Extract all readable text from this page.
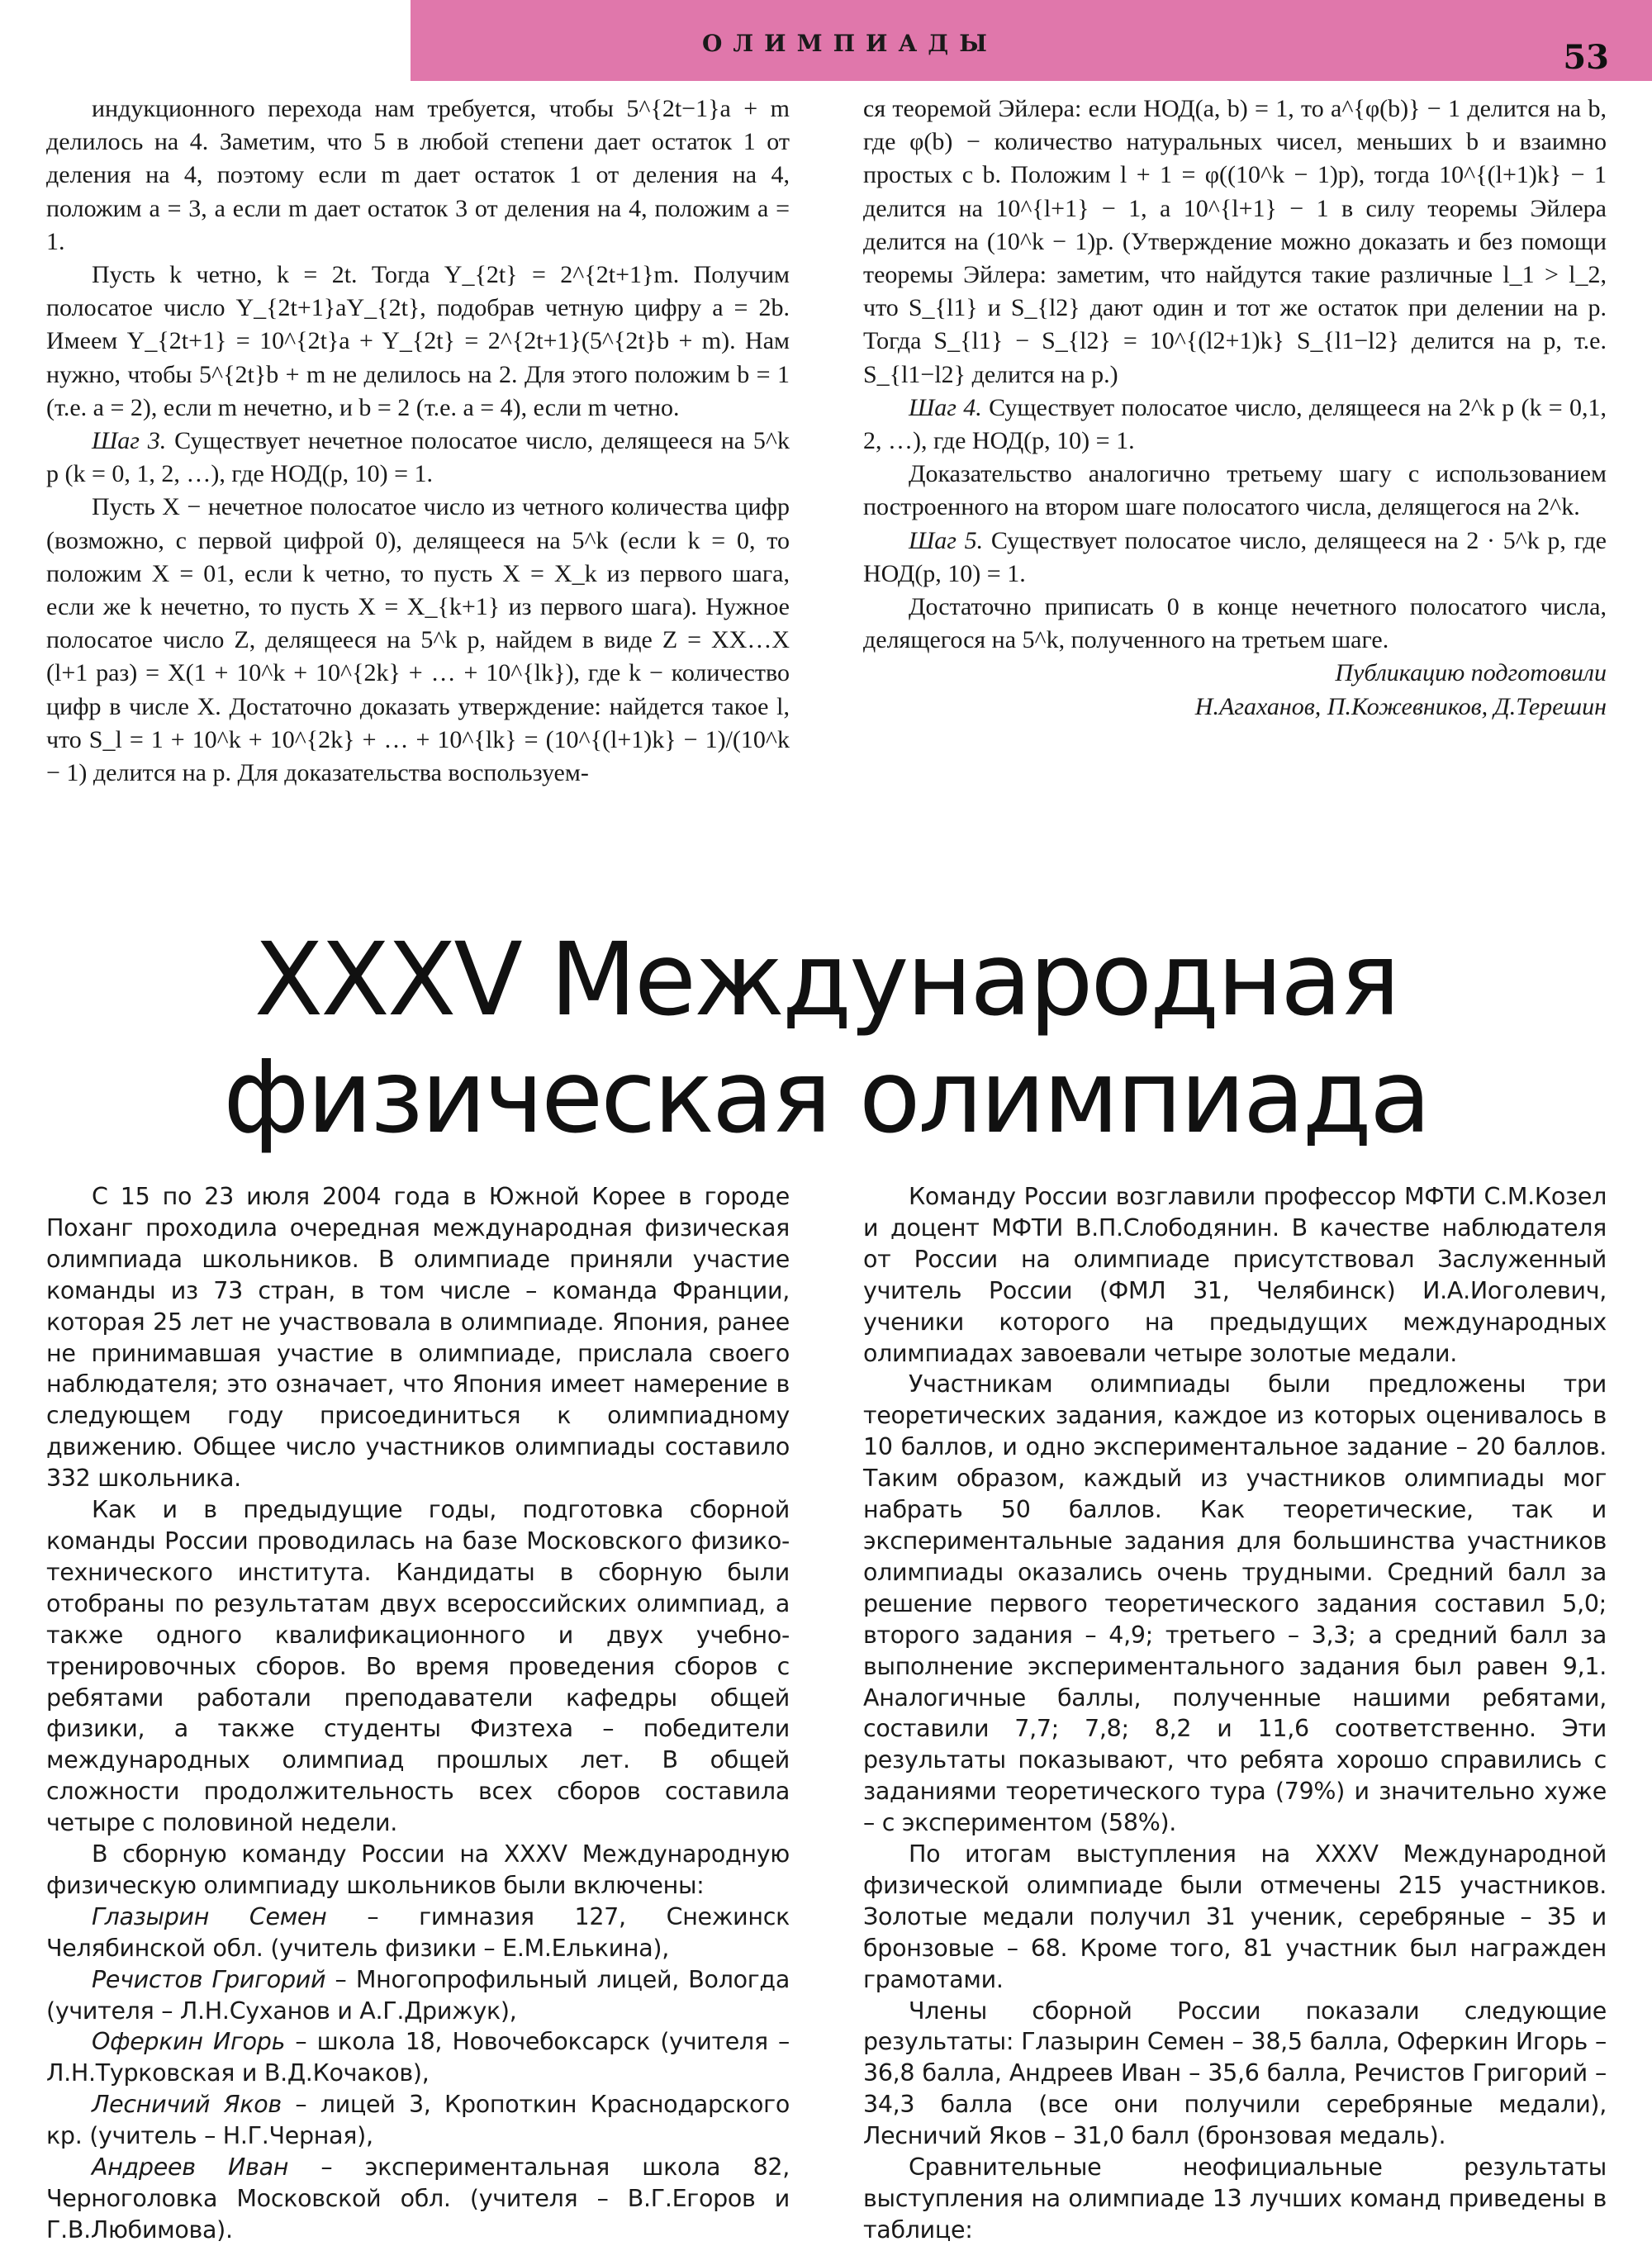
ОЛИМПИАДЫ	53

индукционного перехода нам требуется, чтобы 5^{2t−1}a + m делилось на 4. Заметим, что 5 в любой степени дает остаток 1 от деления на 4, поэтому если m дает остаток 1 от деления на 4, положим a = 3, а если m дает остаток 3 от деления на 4, положим a = 1.

Пусть k четно, k = 2t. Тогда Y_{2t} = 2^{2t+1}m. Получим полосатое число Y_{2t+1}aY_{2t}, подобрав четную цифру a = 2b. Имеем Y_{2t+1} = 10^{2t}a + Y_{2t} = 2^{2t+1}(5^{2t}b + m). Нам нужно, чтобы 5^{2t}b + m не делилось на 2. Для этого положим b = 1 (т.е. a = 2), если m нечетно, и b = 2 (т.е. a = 4), если m четно.

Шаг 3. Существует нечетное полосатое число, делящееся на 5^k p (k = 0, 1, 2, …), где НОД(p, 10) = 1.

Пусть X − нечетное полосатое число из четного количества цифр (возможно, с первой цифрой 0), делящееся на 5^k (если k = 0, то положим X = 01, если k четно, то пусть X = X_k из первого шага, если же k нечетно, то пусть X = X_{k+1} из первого шага). Нужное полосатое число Z, делящееся на 5^k p, найдем в виде Z = XX…X (l+1 раз) = X(1 + 10^k + 10^{2k} + … + 10^{lk}), где k − количество цифр в числе X. Достаточно доказать утверждение: найдется такое l, что S_l = 1 + 10^k + 10^{2k} + … + 10^{lk} = (10^{(l+1)k} − 1)/(10^k − 1) делится на p. Для доказательства воспользуем-

ся теоремой Эйлера: если НОД(a, b) = 1, то a^{φ(b)} − 1 делится на b, где φ(b) − количество натуральных чисел, меньших b и взаимно простых с b. Положим l + 1 = φ((10^k − 1)p), тогда 10^{(l+1)k} − 1 делится на 10^{l+1} − 1, а 10^{l+1} − 1 в силу теоремы Эйлера делится на (10^k − 1)p. (Утверждение можно доказать и без помощи теоремы Эйлера: заметим, что найдутся такие различные l_1 > l_2, что S_{l1} и S_{l2} дают один и тот же остаток при делении на p. Тогда S_{l1} − S_{l2} = 10^{(l2+1)k} S_{l1−l2} делится на p, т.е. S_{l1−l2} делится на p.)

Шаг 4. Существует полосатое число, делящееся на 2^k p (k = 0,1, 2, …), где НОД(p, 10) = 1.

Доказательство аналогично третьему шагу с использованием построенного на втором шаге полосатого числа, делящегося на 2^k.

Шаг 5. Существует полосатое число, делящееся на 2 · 5^k p, где НОД(p, 10) = 1.

Достаточно приписать 0 в конце нечетного полосатого числа, делящегося на 5^k, полученного на третьем шаге.

Публикацию подготовили

Н.Агаханов, П.Кожевников, Д.Терешин

XXXV Международная
физическая олимпиада

С 15 по 23 июля 2004 года в Южной Корее в городе Поханг проходила очередная международная физическая олимпиада школьников. В олимпиаде приняли участие команды из 73 стран, в том числе – команда Франции, которая 25 лет не участвовала в олимпиаде. Япония, ранее не принимавшая участие в олимпиаде, прислала своего наблюдателя; это означает, что Япония имеет намерение в следующем году присоединиться к олимпиадному движению. Общее число участников олимпиады составило 332 школьника.

Как и в предыдущие годы, подготовка сборной команды России проводилась на базе Московского физико-технического института. Кандидаты в сборную были отобраны по результатам двух всероссийских олимпиад, а также одного квалификационного и двух учебно-тренировочных сборов. Во время проведения сборов с ребятами работали преподаватели кафедры общей физики, а также студенты Физтеха – победители международных олимпиад прошлых лет. В общей сложности продолжительность всех сборов составила четыре с половиной недели.

В сборную команду России на XXXV Международную физическую олимпиаду школьников были включены:

Глазырин Семен – гимназия 127, Снежинск Челябинской обл. (учитель физики – Е.М.Елькина),

Речистов Григорий – Многопрофильный лицей, Вологда (учителя – Л.Н.Суханов и А.Г.Дрижук),

Оферкин Игорь – школа 18, Новочебоксарск (учителя – Л.Н.Турковская и В.Д.Кочаков),

Лесничий Яков – лицей 3, Кропоткин Краснодарского кр. (учитель – Н.Г.Черная),

Андреев Иван – экспериментальная школа 82, Черноголовка Московской обл. (учителя – В.Г.Егоров и Г.В.Любимова).

Команду России возглавили профессор МФТИ С.М.Козел и доцент МФТИ В.П.Слободянин. В качестве наблюдателя от России на олимпиаде присутствовал Заслуженный учитель России (ФМЛ 31, Челябинск) И.А.Иоголевич, ученики которого на предыдущих международных олимпиадах завоевали четыре золотые медали.

Участникам олимпиады были предложены три теоретических задания, каждое из которых оценивалось в 10 баллов, и одно экспериментальное задание – 20 баллов. Таким образом, каждый из участников олимпиады мог набрать 50 баллов. Как теоретические, так и экспериментальные задания для большинства участников олимпиады оказались очень трудными. Средний балл за решение первого теоретического задания составил 5,0; второго задания – 4,9; третьего – 3,3; а средний балл за выполнение экспериментального задания был равен 9,1. Аналогичные баллы, полученные нашими ребятами, составили 7,7; 7,8; 8,2 и 11,6 соответственно. Эти результаты показывают, что ребята хорошо справились с заданиями теоретического тура (79%) и значительно хуже – с экспериментом (58%).

По итогам выступления на XXXV Международной физической олимпиаде были отмечены 215 участников. Золотые медали получил 31 ученик, серебряные – 35 и бронзовые – 68. Кроме того, 81 участник был награжден грамотами.

Члены сборной России показали следующие результаты: Глазырин Семен – 38,5 балла, Оферкин Игорь – 36,8 балла, Андреев Иван – 35,6 балла, Речистов Григорий – 34,3 балла (все они получили серебряные медали), Лесничий Яков – 31,0 балл (бронзовая медаль).

Сравнительные неофициальные результаты выступления на олимпиаде 13 лучших команд приведены в таблице:
